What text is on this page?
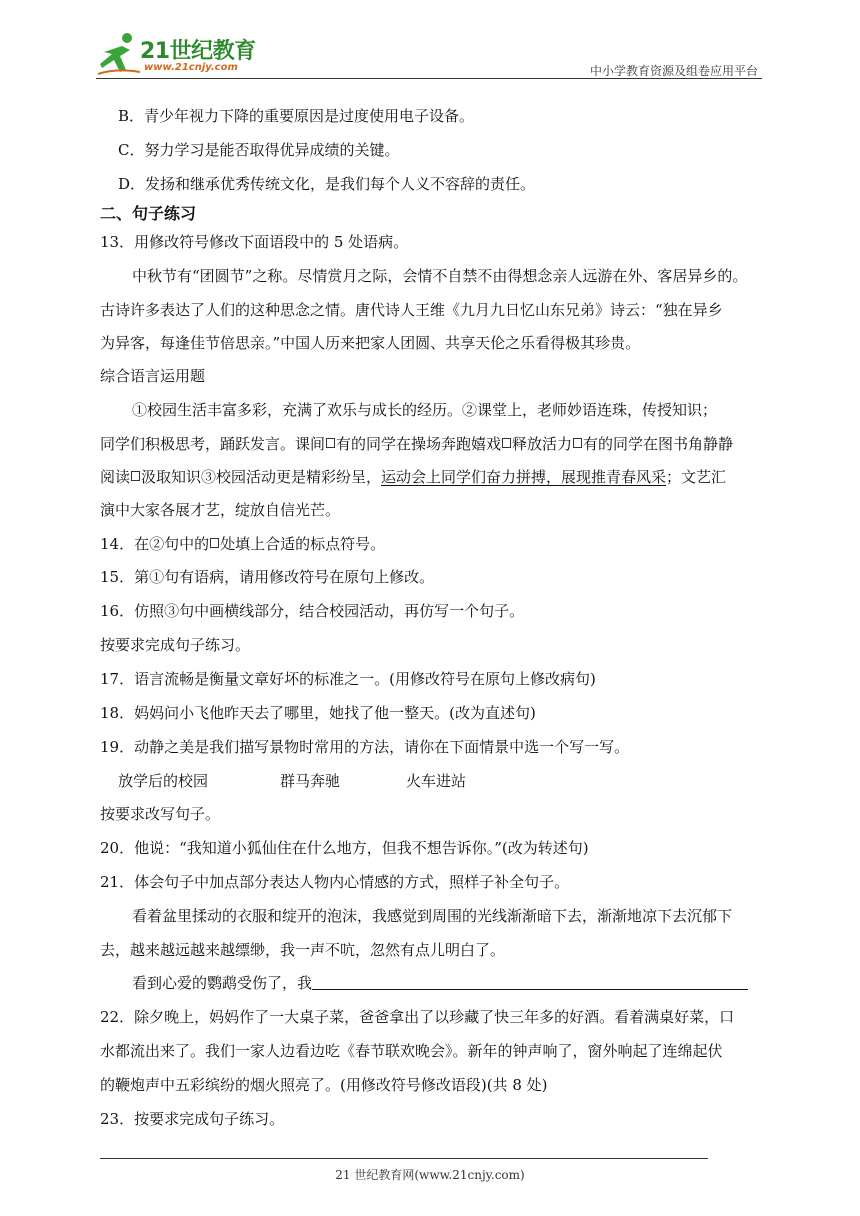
21世纪教育
www.21cnjy.com	中小学教育资源及组卷应用平台
B．青少年视力下降的重要原因是过度使用电子设备。
C．努力学习是能否取得优异成绩的关键。
D．发扬和继承优秀传统文化，是我们每个人义不容辞的责任。
二、句子练习
13．用修改符号修改下面语段中的 5 处语病。
中秋节有“团圆节”之称。尽情赏月之际，会情不自禁不由得想念亲人远游在外、客居异乡的。
古诗许多表达了人们的这种思念之情。唐代诗人王维《九月九日忆山东兄弟》诗云：“独在异乡
为异客，每逢佳节倍思亲。”中国人历来把家人团圆、共享天伦之乐看得极其珍贵。
综合语言运用题
①校园生活丰富多彩，充满了欢乐与成长的经历。②课堂上，老师妙语连珠，传授知识；
同学们积极思考，踊跃发言。课间 有的同学在操场奔跑嬉戏 释放活力 有的同学在图书角静静
阅读 汲取知识③校园活动更是精彩纷呈，运动会上同学们奋力拼搏，展现推青春风采；文艺汇
演中大家各展才艺，绽放自信光芒。
14．在②句中的 处填上合适的标点符号。
15．第①句有语病，请用修改符号在原句上修改。
16．仿照③句中画横线部分，结合校园活动，再仿写一个句子。
按要求完成句子练习。
17．语言流畅是衡量文章好坏的标准之一。(用修改符号在原句上修改病句)
18．妈妈问小飞他昨天去了哪里，她找了他一整天。(改为直述句)
19．动静之美是我们描写景物时常用的方法，请你在下面情景中选一个写一写。
放学后的校园	群马奔驰	火车进站
按要求改写句子。
20．他说：“我知道小狐仙住在什么地方，但我不想告诉你。”(改为转述句)
21．体会句子中加点部分表达人物内心情感的方式，照样子补全句子。
看着盆里揉动的衣服和绽开的泡沫，我感觉到周围的光线渐渐暗下去，渐渐地凉下去沉郁下
去，越来越远越来越缥缈，我一声不吭，忽然有点儿明白了。
看到心爱的鹦鹉受伤了，我
22．除夕晚上，妈妈作了一大桌子菜，爸爸拿出了以珍藏了快三年多的好酒。看着满桌好菜，口
水都流出来了。我们一家人边看边吃《春节联欢晚会》。新年的钟声响了，窗外响起了连绵起伏
的鞭炮声中五彩缤纷的烟火照亮了。(用修改符号修改语段)(共 8 处)
23．按要求完成句子练习。
21 世纪教育网(www.21cnjy.com)
